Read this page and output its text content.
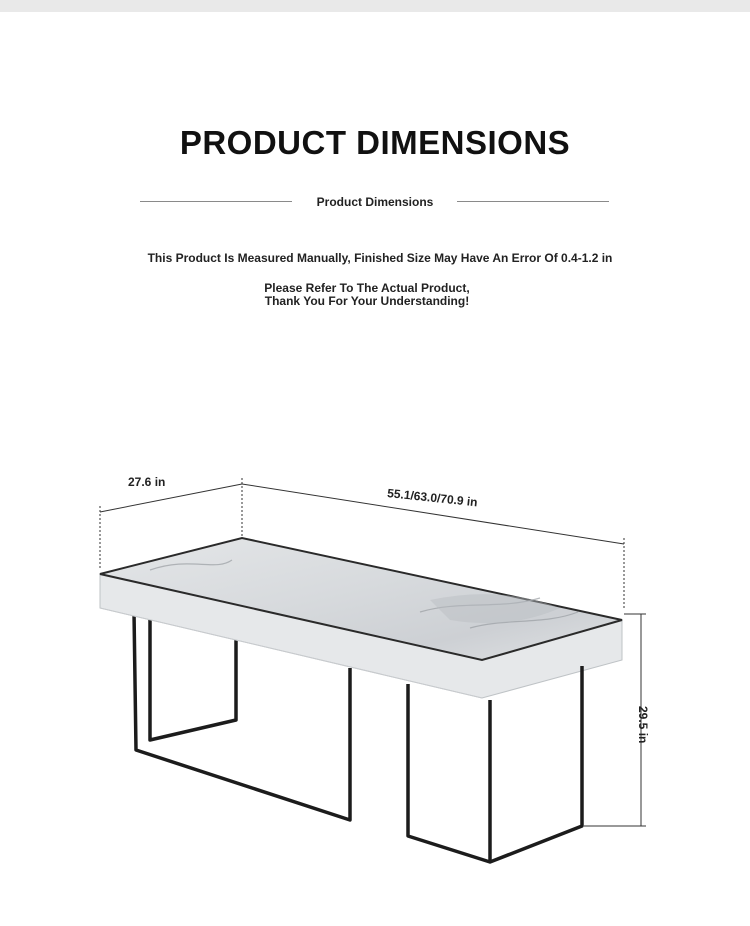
PRODUCT DIMENSIONS
Product Dimensions
This Product Is Measured Manually, Finished Size May Have An Error Of 0.4-1.2 in
Please Refer To The Actual Product,
Thank You For Your Understanding!
27.6 in
55.1/63.0/70.9 in
29.5 in
